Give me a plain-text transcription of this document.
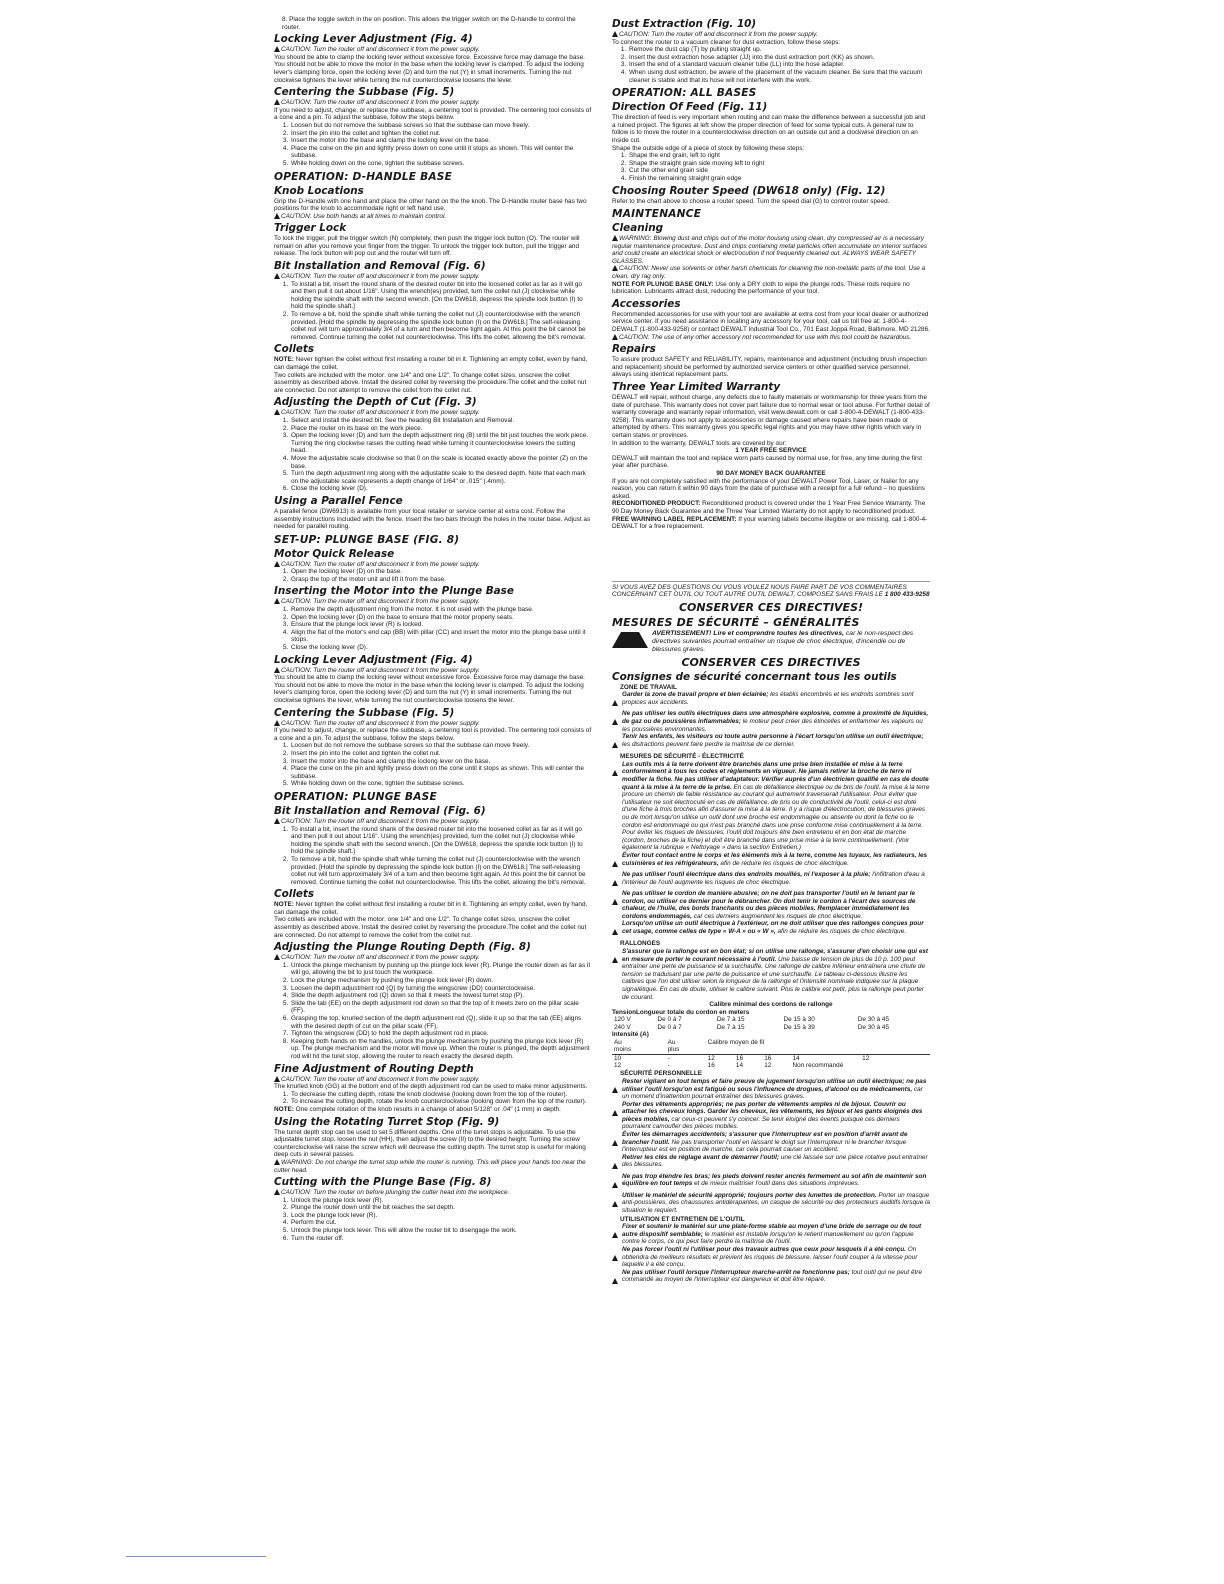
8. Place the toggle switch in the on position. This allows the trigger switch on the D-handle to control the router.

Locking Lever Adjustment (Fig. 4)

CAUTION: Turn the router off and disconnect it from the power supply.

You should be able to clamp the locking lever without excessive force. Excessive force may damage the base.

You should not be able to move the motor in the base when the locking lever is clamped. To adjust the locking lever's clamping force, open the locking lever (D) and turn the nut (Y) in small increments. Turning the nut clockwise tightens the lever while turning the nut counterclockwise loosens the lever.

Centering the Subbase (Fig. 5)

CAUTION: Turn the router off and disconnect it from the power supply.

If you need to adjust, change, or replace the subbase, a centering tool is provided. The centering tool consists of a cone and a pin. To adjust the subbase, follow the steps below.

1. Loosen but do not remove the subbase screws so that the subbase can move freely.
2. Insert the pin into the collet and tighten the collet nut.
3. Insert the motor into the base and clamp the locking lever on the base.
4. Place the cone on the pin and lightly press down on cone until it stops as shown. This will center the subbase.
5. While holding down on the cone, tighten the subbase screws.
OPERATION: D-HANDLE BASE
Knob Locations

Grip the D-Handle with one hand and place the other hand on the the knob. The D-Handle router base has two positions for the knob to accommodate right or left hand use.

CAUTION: Use both hands at all times to maintain control.

Trigger Lock

To lock the trigger, pull the trigger switch (N) completely, then push the trigger lock button (O). The router will remain on after you remove your finger from the trigger. To unlock the trigger lock button, pull the trigger and release. The lock button will pop out and the router will turn off.

Bit Installation and Removal (Fig. 6)

CAUTION: Turn the router off and disconnect it from the power supply.

1. To install a bit, insert the round shank of the desired router bit into the loosened collet as far as it will go and then pull it out about 1/16". Using the wrench(es) provided, turn the collet nut (J) clockwise while holding the spindle shaft with the second wrench. [On the DW618, depress the spindle lock button (I) to hold the spindle shaft.]
2. To remove a bit, hold the spindle shaft while turning the collet nut (J) counterclockwise with the wrench provided. [Hold the spindle by depressing the spindle lock button (I) on the DW618.] The self-releasing collet nut will turn approximately 3/4 of a turn and then become tight again. At this point the bit cannot be removed. Continue turning the collet nut counterclockwise. This lifts the collet, allowing the bit's removal.
Collets

NOTE: Never tighten the collet without first installing a router bit in it. Tightening an empty collet, even by hand, can damage the collet.

Two collets are included with the motor: one 1/4" and one 1/2". To change collet sizes, unscrew the collet assembly as described above. Install the desired collet by reversing the procedure.The collet and the collet nut are connected. Do not attempt to remove the collet from the collet nut.

Adjusting the Depth of Cut (Fig. 3)

CAUTION: Turn the router off and disconnect it from the power supply.

1. Select and install the desired bit. See the heading Bit Installation and Removal.
2. Place the router on its base on the work piece.
3. Open the locking lever (D) and turn the depth adjustment ring (B) until the bit just touches the work piece. Turning the ring clockwise raises the cutting head while turning it counterclockwise lowers the cutting head.
4. Move the adjustable scale clockwise so that 0 on the scale is located exactly above the pointer (Z) on the base.
5. Turn the depth adjustment ring along with the adjustable scale to the desired depth. Note that each mark on the adjustable scale represents a depth change of 1/64" or .015" (.4mm).
6. Close the locking lever (D).
Using a Parallel Fence

A parallel fence (DW6913) is available from your local retailer or service center at extra cost. Follow the assembly instructions included with the fence. Insert the two bars through the holes in the router base. Adjust as needed for parallel routing.

SET-UP: PLUNGE BASE (FIG. 8)
Motor Quick Release

CAUTION: Turn the router off and disconnect it from the power supply.

1. Open the locking lever (D) on the base.
2. Grasp the top of the motor unit and lift it from the base.
Inserting the Motor into the Plunge Base

CAUTION: Turn the router off and disconnect it from the power supply.

1. Remove the depth adjustment ring from the motor. It is not used with the plunge base.
2. Open the locking lever (D) on the base to ensure that the motor properly seats.
3. Ensure that the plunge lock lever (R) is locked.
4. Align the flat of the motor's end cap (BB) with pillar (CC) and insert the motor into the plunge base until it stops.
5. Close the locking lever (D).
Locking Lever Adjustment (Fig. 4)

CAUTION: Turn the router off and disconnect it from the power supply.

You should be able to clamp the locking lever without excessive force. Excessive force may damage the base.

You should not be able to move the motor in the base when the locking lever is clamped. To adjust the locking lever's clamping force, open the locking lever (D) and turn the nut (Y) in small increments. Turning the nut clockwise tightens the lever, while turning the nut counterclockwise loosens the lever.

Centering the Subbase (Fig. 5)

CAUTION: Turn the router off and disconnect it from the power supply.

If you need to adjust, change, or replace the subbase, a centering tool is provided. The centering tool consists of a cone and a pin. To adjust the subbase, follow the steps below.

1. Loosen but do not remove the subbase screws so that the subbase can move freely.
2. Insert the pin into the collet and tighten the collet nut.
3. Insert the motor into the base and clamp the locking lever on the base.
4. Place the cone on the pin and lightly press down on the cone until it stops as shown. This will center the subbase.
5. While holding down on the cone, tighten the subbase screws.
OPERATION: PLUNGE BASE
Bit Installation and Removal (Fig. 6)

CAUTION: Turn the router off and disconnect it from the power supply.

1. To install a bit, insert the round shank of the desired router bit into the loosened collet as far as it will go and then pull it out about 1/16". Using the wrench(es) provided, turn the collet nut (J) clockwise while holding the spindle shaft with the second wrench. [On the DW618, depress the spindle lock button (I) to hold the spindle shaft.]
2. To remove a bit, hold the spindle shaft while turning the collet nut (J) counterclockwise with the wrench provided. [Hold the spindle by depressing the spindle lock button (I) on the DW618.] The self-releasing collet nut will turn approximately 3/4 of a turn and then become tight again. At this point the bit cannot be removed. Continue turning the collet nut counterclockwise. This lifts the collet, allowing the bit's removal.
Collets

NOTE: Never tighten the collet without first installing a router bit in it. Tightening an empty collet, even by hand, can damage the collet.

Two collets are included with the motor: one 1/4" and one 1/2". To change collet sizes, unscrew the collet assembly as described above. Install the desired collet by reversing the procedure.The collet and the collet nut are connected. Do not attempt to remove the collet from the collet nut.

Adjusting the Plunge Routing Depth (Fig. 8)

CAUTION: Turn the router off and disconnect it from the power supply.

1. Unlock the plunge mechanism by pushing up the plunge lock lever (R). Plunge the router down as far as it will go, allowing the bit to just touch the workpiece.
2. Lock the plunge mechanism by pushing the plunge lock lever (R) down.
3. Loosen the depth adjustment rod (Q) by turning the wingscrew (DD) counterclockwise.
4. Slide the depth adjustment rod (Q) down so that it meets the lowest turret stop (P).
5. Slide the tab (EE) on the depth adjustment rod down so that the top of it meets zero on the pillar scale (FF).
6. Grasping the top, knurled section of the depth adjustment rod (Q), slide it up so that the tab (EE) aligns with the desired depth of cut on the pillar scale (FF).
7. Tighten the wingscrew (DD) to hold the depth adjustment rod in place.
8. Keeping both hands on the handles, unlock the plunge mechanism by pushing the plunge lock lever (R) up. The plunge mechanism and the motor will move up. When the router is plunged, the depth adjustment rod will hit the turet stop, allowing the router to reach exactly the desired depth.
Fine Adjustment of Routing Depth

CAUTION: Turn the router off and disconnect it from the power supply.

The knurled knob (GG) at the bottom end of the depth adjustment rod can be used to make minor adjustments.

1. To decrease the cutting depth, rotate the knob clockwise (looking down from the top of the router).
2. To increase the cutting depth, rotate the knob counterclockwise (looking down from the top of the router).

NOTE: One complete rotation of the knob results in a change of about 5/128" or .04" (1 mm) in depth.

Using the Rotating Turret Stop (Fig. 9)

The turret depth stop can be used to set 5 different depths. One of the turret stops is adjustable. To use the adjustable turret stop, loosen the nut (HH), then adjust the screw (II) to the desired height. Turning the screw counterclockwise will raise the screw which will decrease the cutting depth. The turret stop is useful for making deep cuts in several passes.

WARNING: Do not change the turret stop while the router is running. This will place your hands too near the cutter head.

Cutting with the Plunge Base (Fig. 8)

CAUTION: Turn the router on before plunging the cutter head into the workpiece.

1. Unlock the plunge lock lever (R).
2. Plunge the router down until the bit reaches the set depth.
3. Lock the plunge lock lever (R).
4. Perform the cut.
5. Unlock the plunge lock lever. This will allow the router bit to disengage the work.
6. Turn the router off.
Dust Extraction (Fig. 10)

CAUTION: Turn the router off and disconnect it from the power supply.

To connect the router to a vacuum cleaner for dust extraction, follow these steps:

1. Remove the dust cap (T) by pulling straight up.
2. Insert the dust extraction hose adapter (JJ) into the dust extraction port (KK) as shown.
3. Insert the end of a standard vacuum cleaner tube (LL) into the hose adapter.
4. When using dust extraction, be aware of the placement of the vacuum cleaner. Be sure that the vacuum cleaner is stable and that its hose will not interfere with the work.
OPERATION: ALL BASES
Direction Of Feed (Fig. 11)

The direction of feed is very important when routing and can make the difference between a successful job and a ruined project. The figures at left show the proper direction of feed for some typical cuts. A general rule to follow is to move the router in a counterclockwise direction on an outside cut and a clockwise direction on an inside cut.

Shape the outside edge of a piece of stock by following these steps:

1. Shape the end grain, left to right
2. Shape the straight grain side moving left to right
3. Cut the other end grain side
4. Finish the remaining straight grain edge
Choosing Router Speed (DW618 only) (Fig. 12)

Refer to the chart above to choose a router speed. Turn the speed dial (G) to control router speed.

MAINTENANCE
Cleaning

WARNING: Blowing dust and chips out of the motor housing using clean, dry compressed air is a necessary regular maintenance procedure. Dust and chips containing metal particles often accumulate on interior surfaces and could create an electrical shock or electrocution if not frequently cleaned out. ALWAYS WEAR SAFETY GLASSES.

CAUTION: Never use solvents or other harsh chemicals for cleaning the non-metallic parts of the tool. Use a clean, dry rag only.

NOTE FOR PLUNGE BASE ONLY: Use only a DRY cloth to wipe the plunge rods. These rods require no lubrication. Lubricants attract dust, reducing the performance of your tool.

Accessories

Recommended accessories for use with your tool are available at extra cost from your local dealer or authorized service center. If you need assistance in locating any accessory for your tool, call us toll free at: 1-800-4-DEWALT (1-800-433-9258) or contact DEWALT Industrial Tool Co., 701 East Joppa Road, Baltimore, MD 21286.

CAUTION: The use of any other accessory not recommended for use with this tool could be hazardous.

Repairs

To assure product SAFETY and RELIABILITY, repairs, maintenance and adjustment (including brush inspection and replacement) should be performed by authorized service centers or other qualified service personnel, always using identical replacement parts.

Three Year Limited Warranty

DEWALT will repair, without charge, any defects due to faulty materials or workmanship for three years from the date of purchase. This warranty does not cover part failure due to normal wear or tool abuse. For further detail of warranty coverage and warranty repair information, visit www.dewalt.com or call 1-800-4-DEWALT (1-800-433-9258). This warranty does not apply to accessories or damage caused where repairs have been made or attempted by others. This warranty gives you specific legal rights and you may have other rights which vary in certain states or provinces.

In addition to the warranty, DEWALT tools are covered by our:

1 YEAR FREE SERVICE

DEWALT will maintain the tool and replace worn parts caused by normal use, for free, any time during the first year after purchase.

90 DAY MONEY BACK GUARANTEE

If you are not completely satisfied with the performance of your DEWALT Power Tool, Laser, or Nailer for any reason, you can return it within 90 days from the date of purchase with a receipt for a full refund – no questions asked.

RECONDITIONED PRODUCT: Reconditioned product is covered under the 1 Year Free Service Warranty. The 90 Day Money Back Guarantee and the Three Year Limited Warranty do not apply to reconditioned product.

FREE WARNING LABEL REPLACEMENT: If your warning labels become illegible or are missing, call 1-800-4-DEWALT for a free replacement.

SI VOUS AVEZ DES QUESTIONS OU VOUS VOULEZ NOUS FAIRE PART DE VOS COMMENTAIRES CONCERNANT CET OUTIL OU TOUT AUTRE OUTIL DEWALT, COMPOSEZ SANS FRAIS LE 1 800 433-9258

CONSERVER CES DIRECTIVES!
MESURES DE SÉCURITÉ – GÉNÉRALITÉS

AVERTISSEMENT! Lire et comprendre toutes les directives, car le non-respect des directives suivantes pourrait entraîner un risque de choc électrique, d'incendie ou de blessures graves.

CONSERVER CES DIRECTIVES
Consignes de sécurité concernant tous les outils

ZONE DE TRAVAIL

Garder la zone de travail propre et bien éclairée; les établis encombrés et les endroits sombres sont propices aux accidents.
Ne pas utiliser les outils électriques dans une atmosphère explosive, comme à proximité de liquides, de gaz ou de poussières inflammables; le moteur peut créer des étincelles et enflammer les vapeurs ou les poussières environnantes.
Tenir les enfants, les visiteurs ou toute autre personne à l'écart lorsqu'on utilise un outil électrique; les distractions peuvent faire perdre la maîtrise de ce dernier.

MESURES DE SÉCURITÉ - ÉLECTRICITÉ

Les outils mis à la terre doivent être branchés dans une prise bien installée et mise à la terre conformément à tous les codes et règlements en vigueur. Ne jamais retirer la broche de terre ni modifier la fiche. Ne pas utiliser d'adaptateur. Vérifier auprès d'un électricien qualifié en cas de doute quant à la mise à la terre de la prise. En cas de défaillance électrique ou de bris de l'outil, la mise à la terre procure un chemin de faible résistance au courant qui autrement traverserait l'utilisateur. Pour éviter que l'utilisateur ne soit électrocuté en cas de défaillance, de bris ou de conductivité de l'outil, celui-ci est doté d'une fiche à trois broches afin d'assurer la mise à la terre. Il y a risque d'électrocution, de blessures graves ou de mort lorsqu'on utilise un outil dont une broche est endommagée ou absente ou dont la fiche ou le cordon est endommagé ou qui n'est pas branché dans une prise conforme mise continuellement à la terre. Pour éviter les risques de blessures, l'outil doit toujours être bien entretenu et en bon état de marche (cordon, broches de la fiche) et doit être branché dans une prise mise à la terre continuellement. (Voir également la rubrique « Nettoyage » dans la section Entretien.)
Éviter tout contact entre le corps et les éléments mis à la terre, comme les tuyaux, les radiateurs, les cuisinières et les réfrigérateurs, afin de réduire les risques de choc électrique.
Ne pas utiliser l'outil électrique dans des endroits mouillés, ni l'exposer à la pluie; l'infiltration d'eau à l'intérieur de l'outil augmente les risques de choc électrique.
Ne pas utiliser le cordon de manière abusive; on ne doit pas transporter l'outil en le tenant par le cordon, ou utiliser ce dernier pour le débrancher. On doit tenir le cordon à l'écart des sources de chaleur, de l'huile, des bords tranchants ou des pièces mobiles. Remplacer immédiatement les cordons endommagés, car ces derniers augmentent les risques de choc électrique.
Lorsqu'on utilise un outil électrique à l'extérieur, on ne doit utiliser que des rallonges conçues pour cet usage, comme celles de type « W-A » ou « W », afin de réduire les risques de choc électrique.

RALLONGES

S'assurer que la rallonge est en bon état; si on utilise une rallonge, s'assurer d'en choisir une qui est en mesure de porter le courant nécessaire à l'outil. Une baisse de tension de plus de 10 p. 100 peut entraîner une perte de puissance et la surchauffe. Une rallonge de calibre inférieur entraînera une chute de tension se traduisant par une perte de puissance et une surchauffe. Le tableau ci-dessous illustre les calibres que l'on doit utiliser selon la longueur de la rallonge et l'intensité nominale indiquée sur la plaque signalétique. En cas de doute, utiliser le calibre suivant. Plus le calibre est petit, plus la rallonge peut porter de courant.

Calibre minimal des cordons de rallonge

TensionLongueur totale du cordon en meters

120 V	De 0 à 7	De 7 à 15	De 15 à 30	De 30 à 45
240 V	De 0 à 7	De 7 à 15	De 15 à 39	De 30 à 45

Intensité (A)

Au	Au	Calibre moyen de fil				
moins	plus					
10	-	12	16	16	14	12
12	-	16	14	12	Non recommandé	

SÉCURITÉ PERSONNELLE

Rester vigilant en tout temps et faire preuve de jugement lorsqu'on utilise un outil électrique; ne pas utiliser l'outil lorsqu'on est fatigué ou sous l'influence de drogues, d'alcool ou de médicaments, car un moment d'inattention pourrait entraîner des blessures graves.
Porter des vêtements appropriés; ne pas porter de vêtements amples ni de bijoux. Couvrir ou attacher les cheveux longs. Garder les cheveux, les vêtements, les bijoux et les gants éloignés des pièces mobiles, car ceux-ci peuvent s'y coincer. Se tenir éloigné des évents puisque ces derniers pourraient camoufler des pièces mobiles.
Éviter les démarrages accidentels; s'assurer que l'interrupteur est en position d'arrêt avant de brancher l'outil. Ne pas transporter l'outil en laissant le doigt sur l'interrupteur ni le brancher lorsque l'interrupteur est en position de marche, car cela pourrait causer un accident.
Retirer les clés de réglage avant de démarrer l'outil; une clé laissée sur une pièce rotative peut entraîner des blessures.
Ne pas trop étendre les bras; les pieds doivent rester ancrés fermement au sol afin de maintenir son équilibre en tout temps et de mieux maîtriser l'outil dans des situations imprévues.
Utiliser le matériel de sécurité approprié; toujours porter des lunettes de protection. Porter un masque anti-poussières, des chaussures antidérapantes, un casque de sécurité ou des protecteurs auditifs lorsque la situation le requiert.

UTILISATION ET ENTRETIEN DE L'OUTIL

Fixer et soutenir le matériel sur une plate-forme stable au moyen d'une bride de serrage ou de tout autre dispositif semblable; le matériel est instable lorsqu'on le retient manuellement ou qu'on l'appuie contre le corps, ce qui peut faire perdre la maîtrise de l'outil.
Ne pas forcer l'outil ni l'utiliser pour des travaux autres que ceux pour lesquels il a été conçu. On obtiendra de meilleurs résultats et prévient les risques de blessure, laisser l'outil couper à la vitesse pour laquelle il a été conçu.
Ne pas utiliser l'outil lorsque l'interrupteur marche-arrêt ne fonctionne pas; tout outil qui ne peut être commandé au moyen de l'interrupteur est dangereux et doit être réparé.
